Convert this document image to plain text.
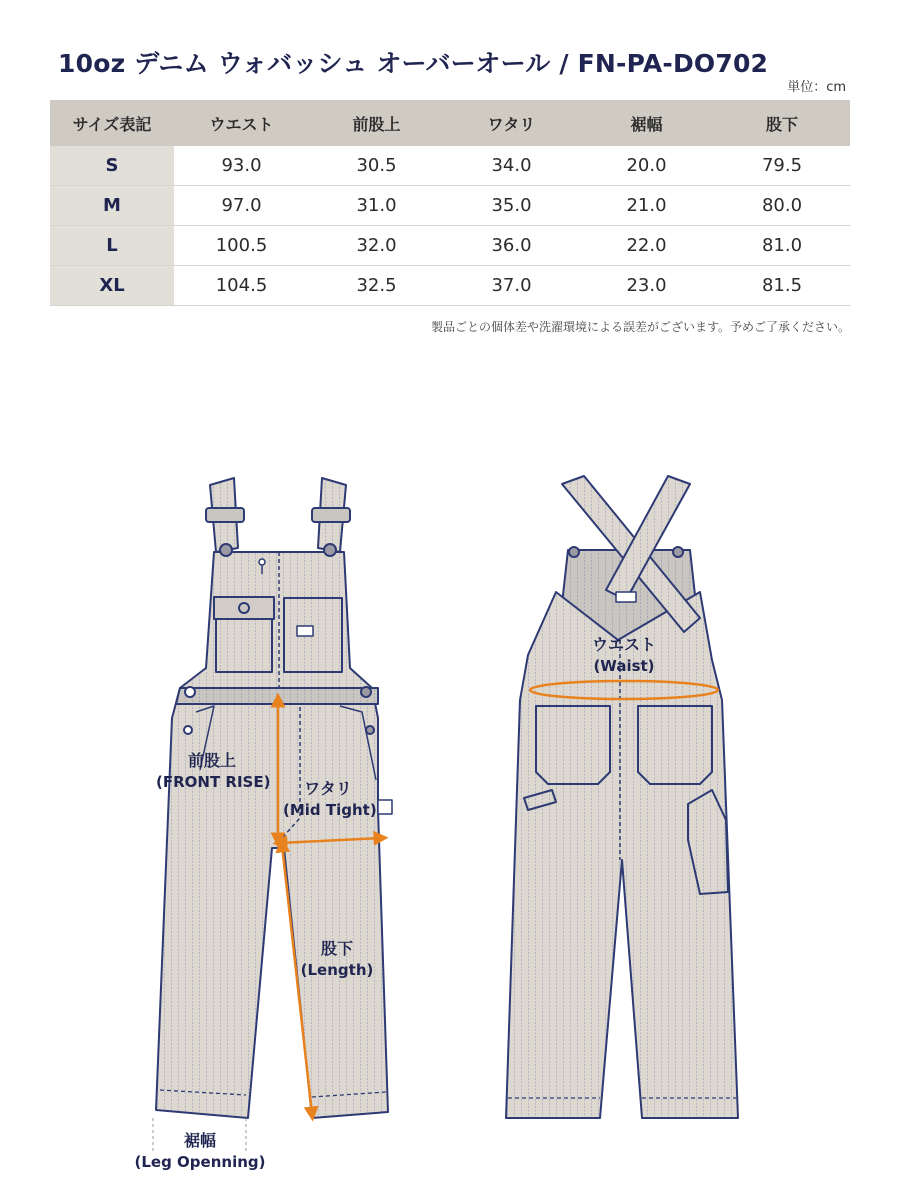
10oz デニム ウォバッシュ オーバーオール / FN-PA-DO702
単位：cm
サイズ表記	ウエスト	前股上	ワタリ	裾幅	股下
S	93.0	30.5	34.0	20.0	79.5
M	97.0	31.0	35.0	21.0	80.0
L	100.5	32.0	36.0	22.0	81.0
XL	104.5	32.5	37.0	23.0	81.5
製品ごとの個体差や洗濯環境による誤差がございます。予めご了承ください。
前股上
(FRONT RISE)	ワタリ
(Mid Tight)
股下
(Length)
裾幅
(Leg Openning)
ウエスト
(Waist)
